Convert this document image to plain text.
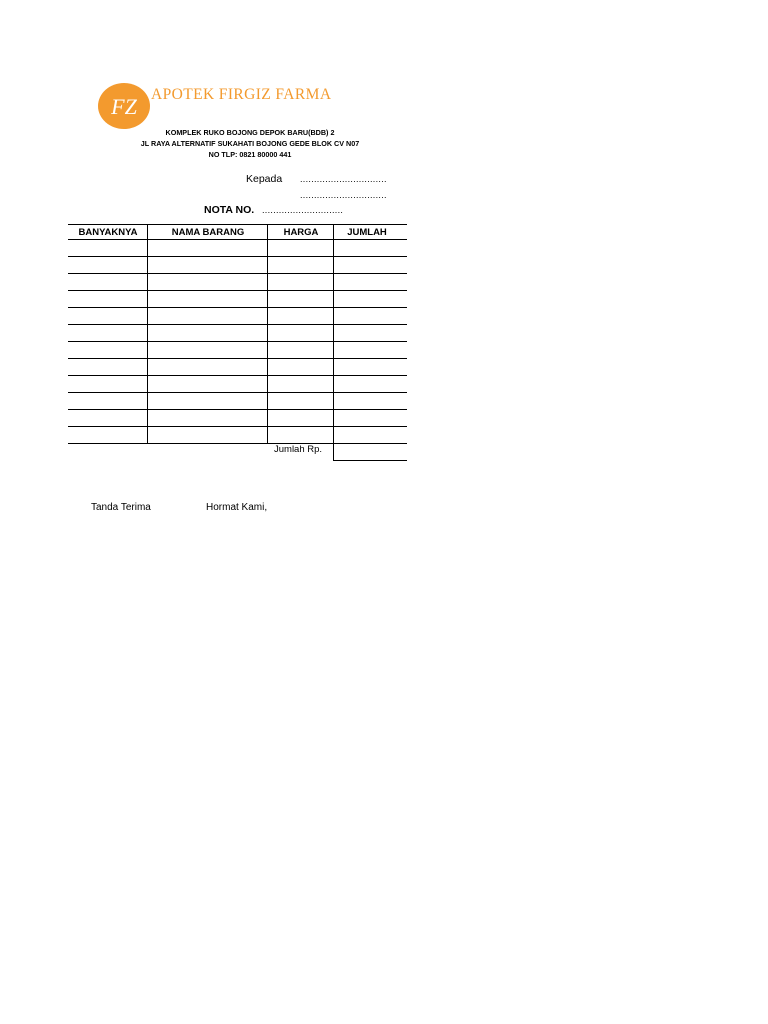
FZ APOTEK FIRGIZ FARMA
KOMPLEK RUKO BOJONG DEPOK BARU(BDB) 2
JL RAYA ALTERNATIF SUKAHATI BOJONG GEDE BLOK CV N07
NO TLP: 0821 80000 441
Kepada ...............................
...............................
NOTA NO. .............................
BANYAKNYA	NAMA BARANG	HARGA	JUMLAH
Jumlah Rp.
Tanda Terima	Hormat Kami,
